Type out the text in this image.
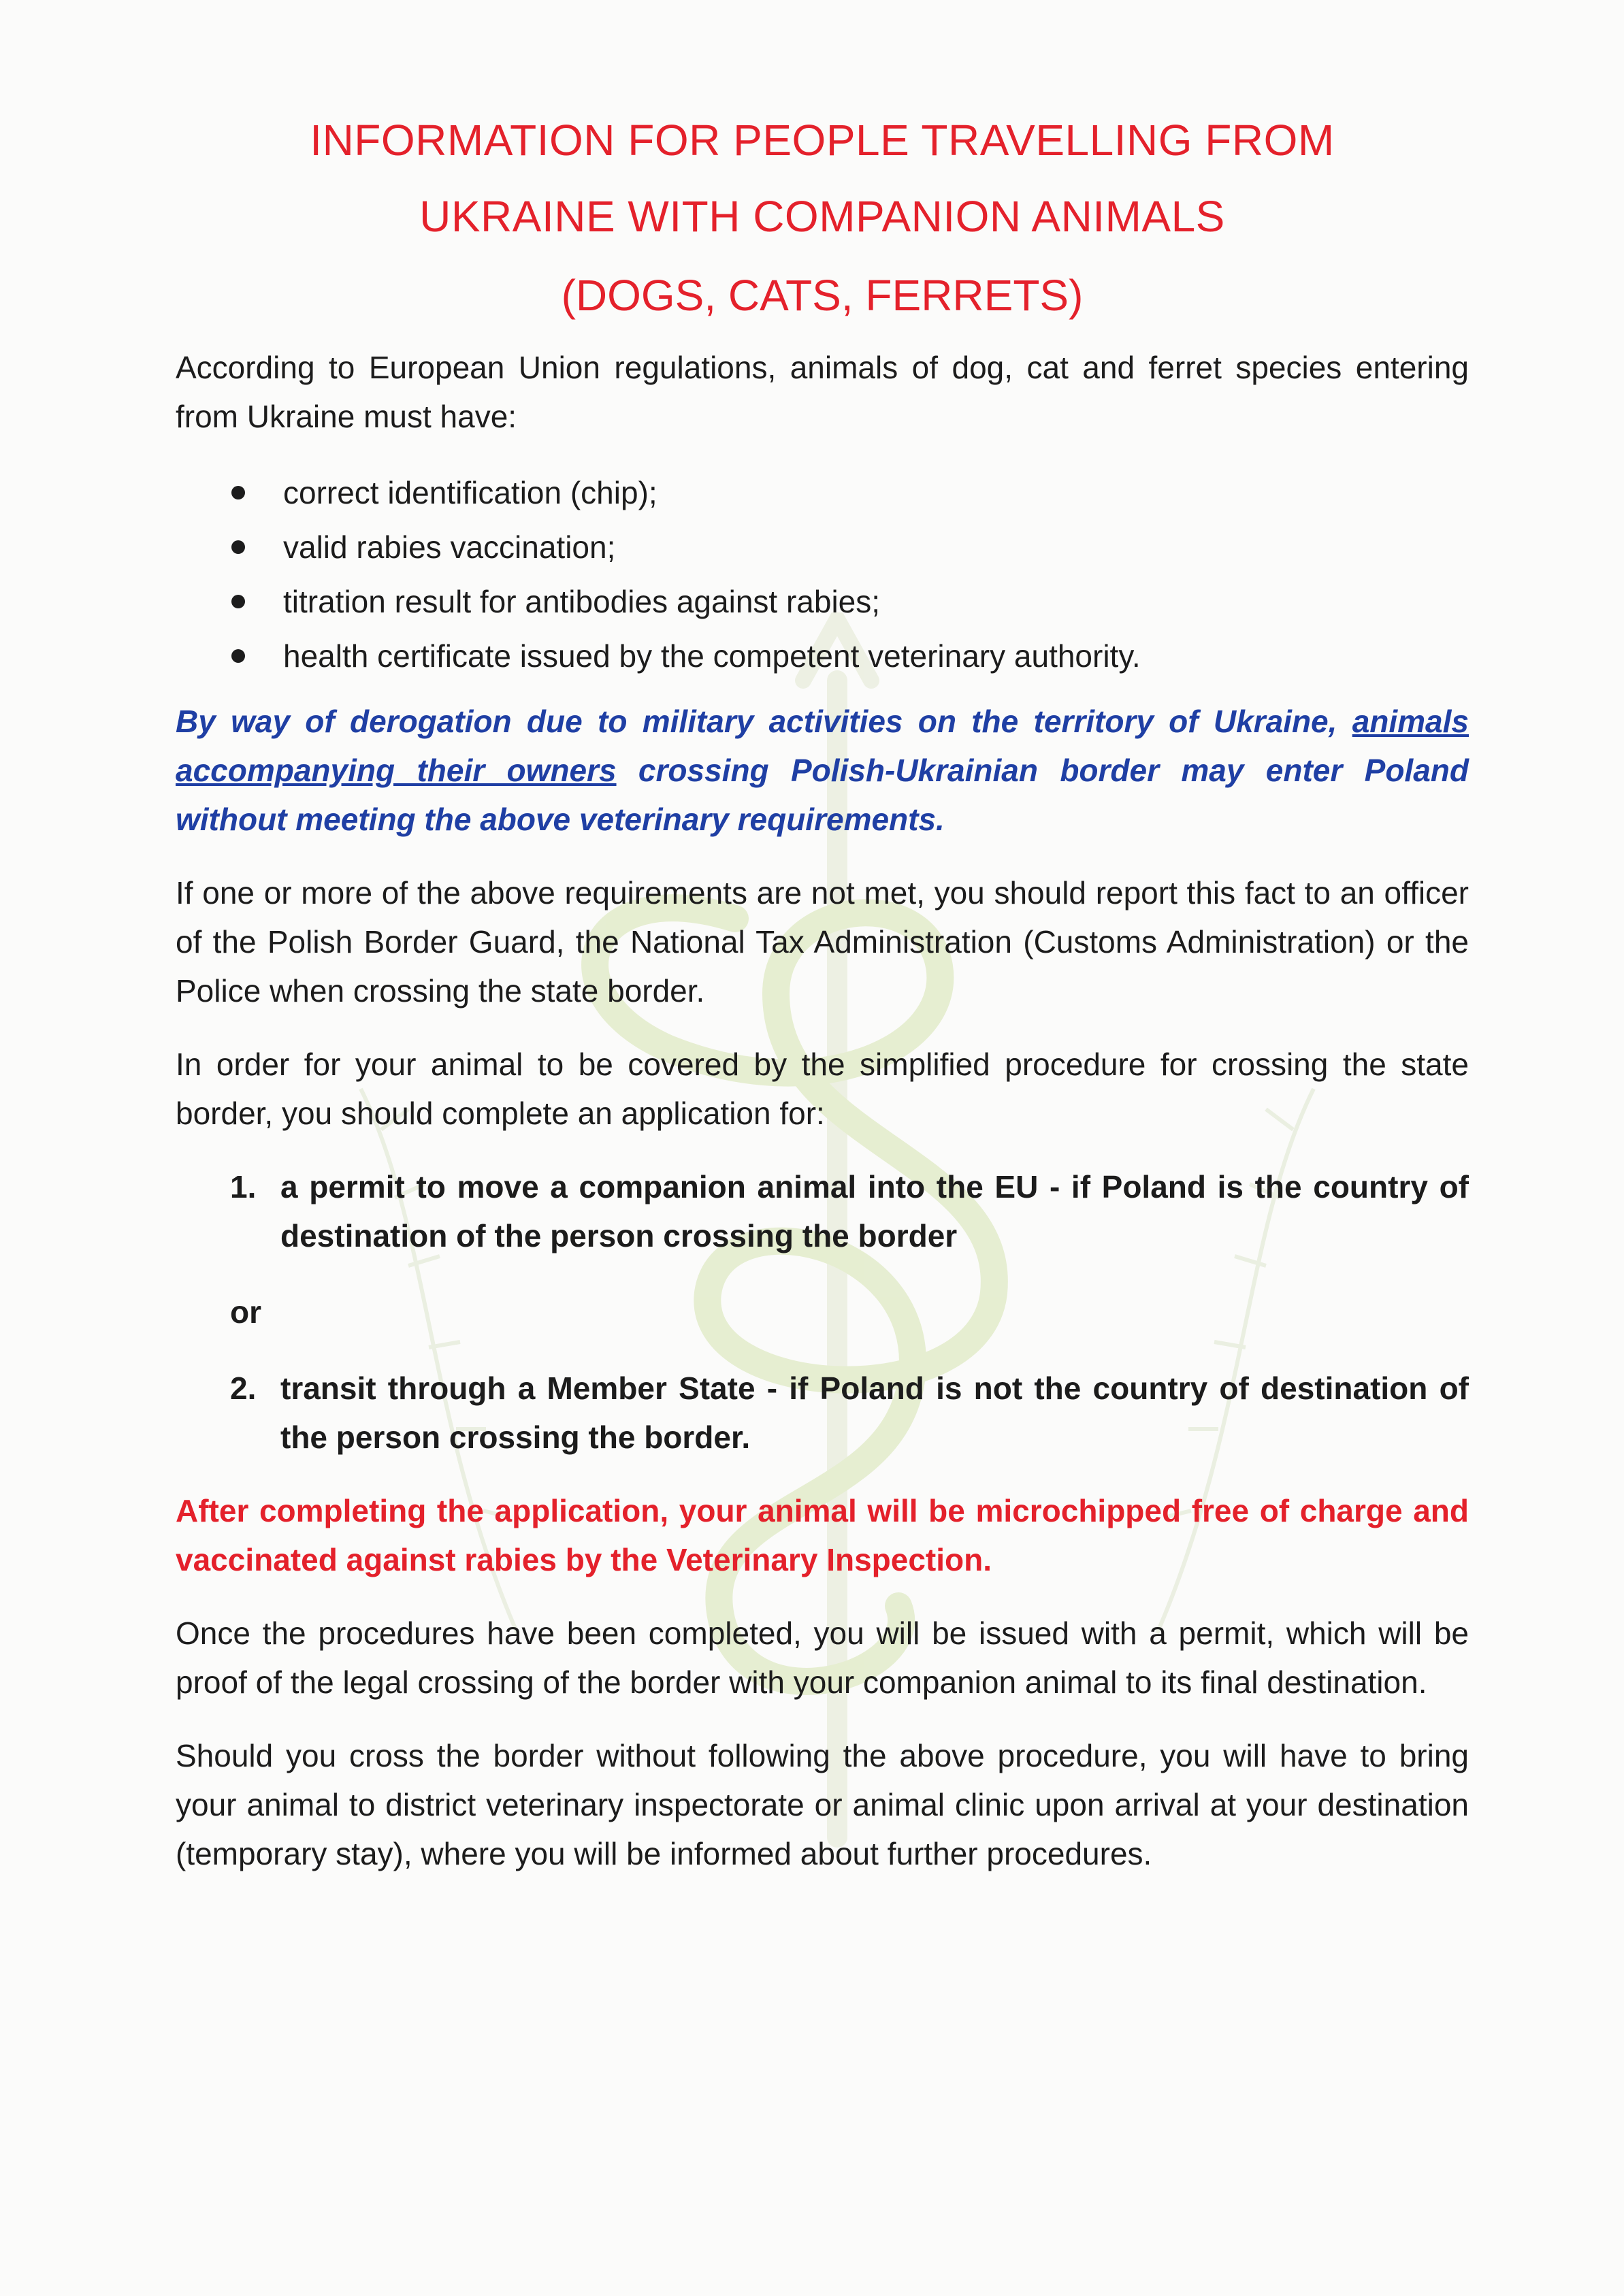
INFORMATION FOR PEOPLE TRAVELLING FROM
UKRAINE WITH COMPANION ANIMALS
(DOGS, CATS, FERRETS)

According to European Union regulations, animals of dog, cat and ferret species entering from Ukraine must have:

correct identification (chip);
valid rabies vaccination;
titration result for antibodies against rabies;
health certificate issued by the competent veterinary authority.

By way of derogation due to military activities on the territory of Ukraine, animals accompanying their owners crossing Polish-Ukrainian border may enter Poland without meeting the above veterinary requirements.

If one or more of the above requirements are not met, you should report this fact to an officer of the Polish Border Guard, the National Tax Administration (Customs Administration) or the Police when crossing the state border.

In order for your animal to be covered by the simplified procedure for crossing the state border, you should complete an application for:

1. a permit to move a companion animal into the EU - if Poland is the country of destination of the person crossing the border
or
2. transit through a Member State - if Poland is not the country of destination of the person crossing the border.

After completing the application, your animal will be microchipped free of charge and vaccinated against rabies by the Veterinary Inspection.

Once the procedures have been completed, you will be issued with a permit, which will be proof of the legal crossing of the border with your companion animal to its final destination.

Should you cross the border without following the above procedure, you will have to bring your animal to district veterinary inspectorate or animal clinic upon arrival at your destination (temporary stay), where you will be informed about further procedures.
